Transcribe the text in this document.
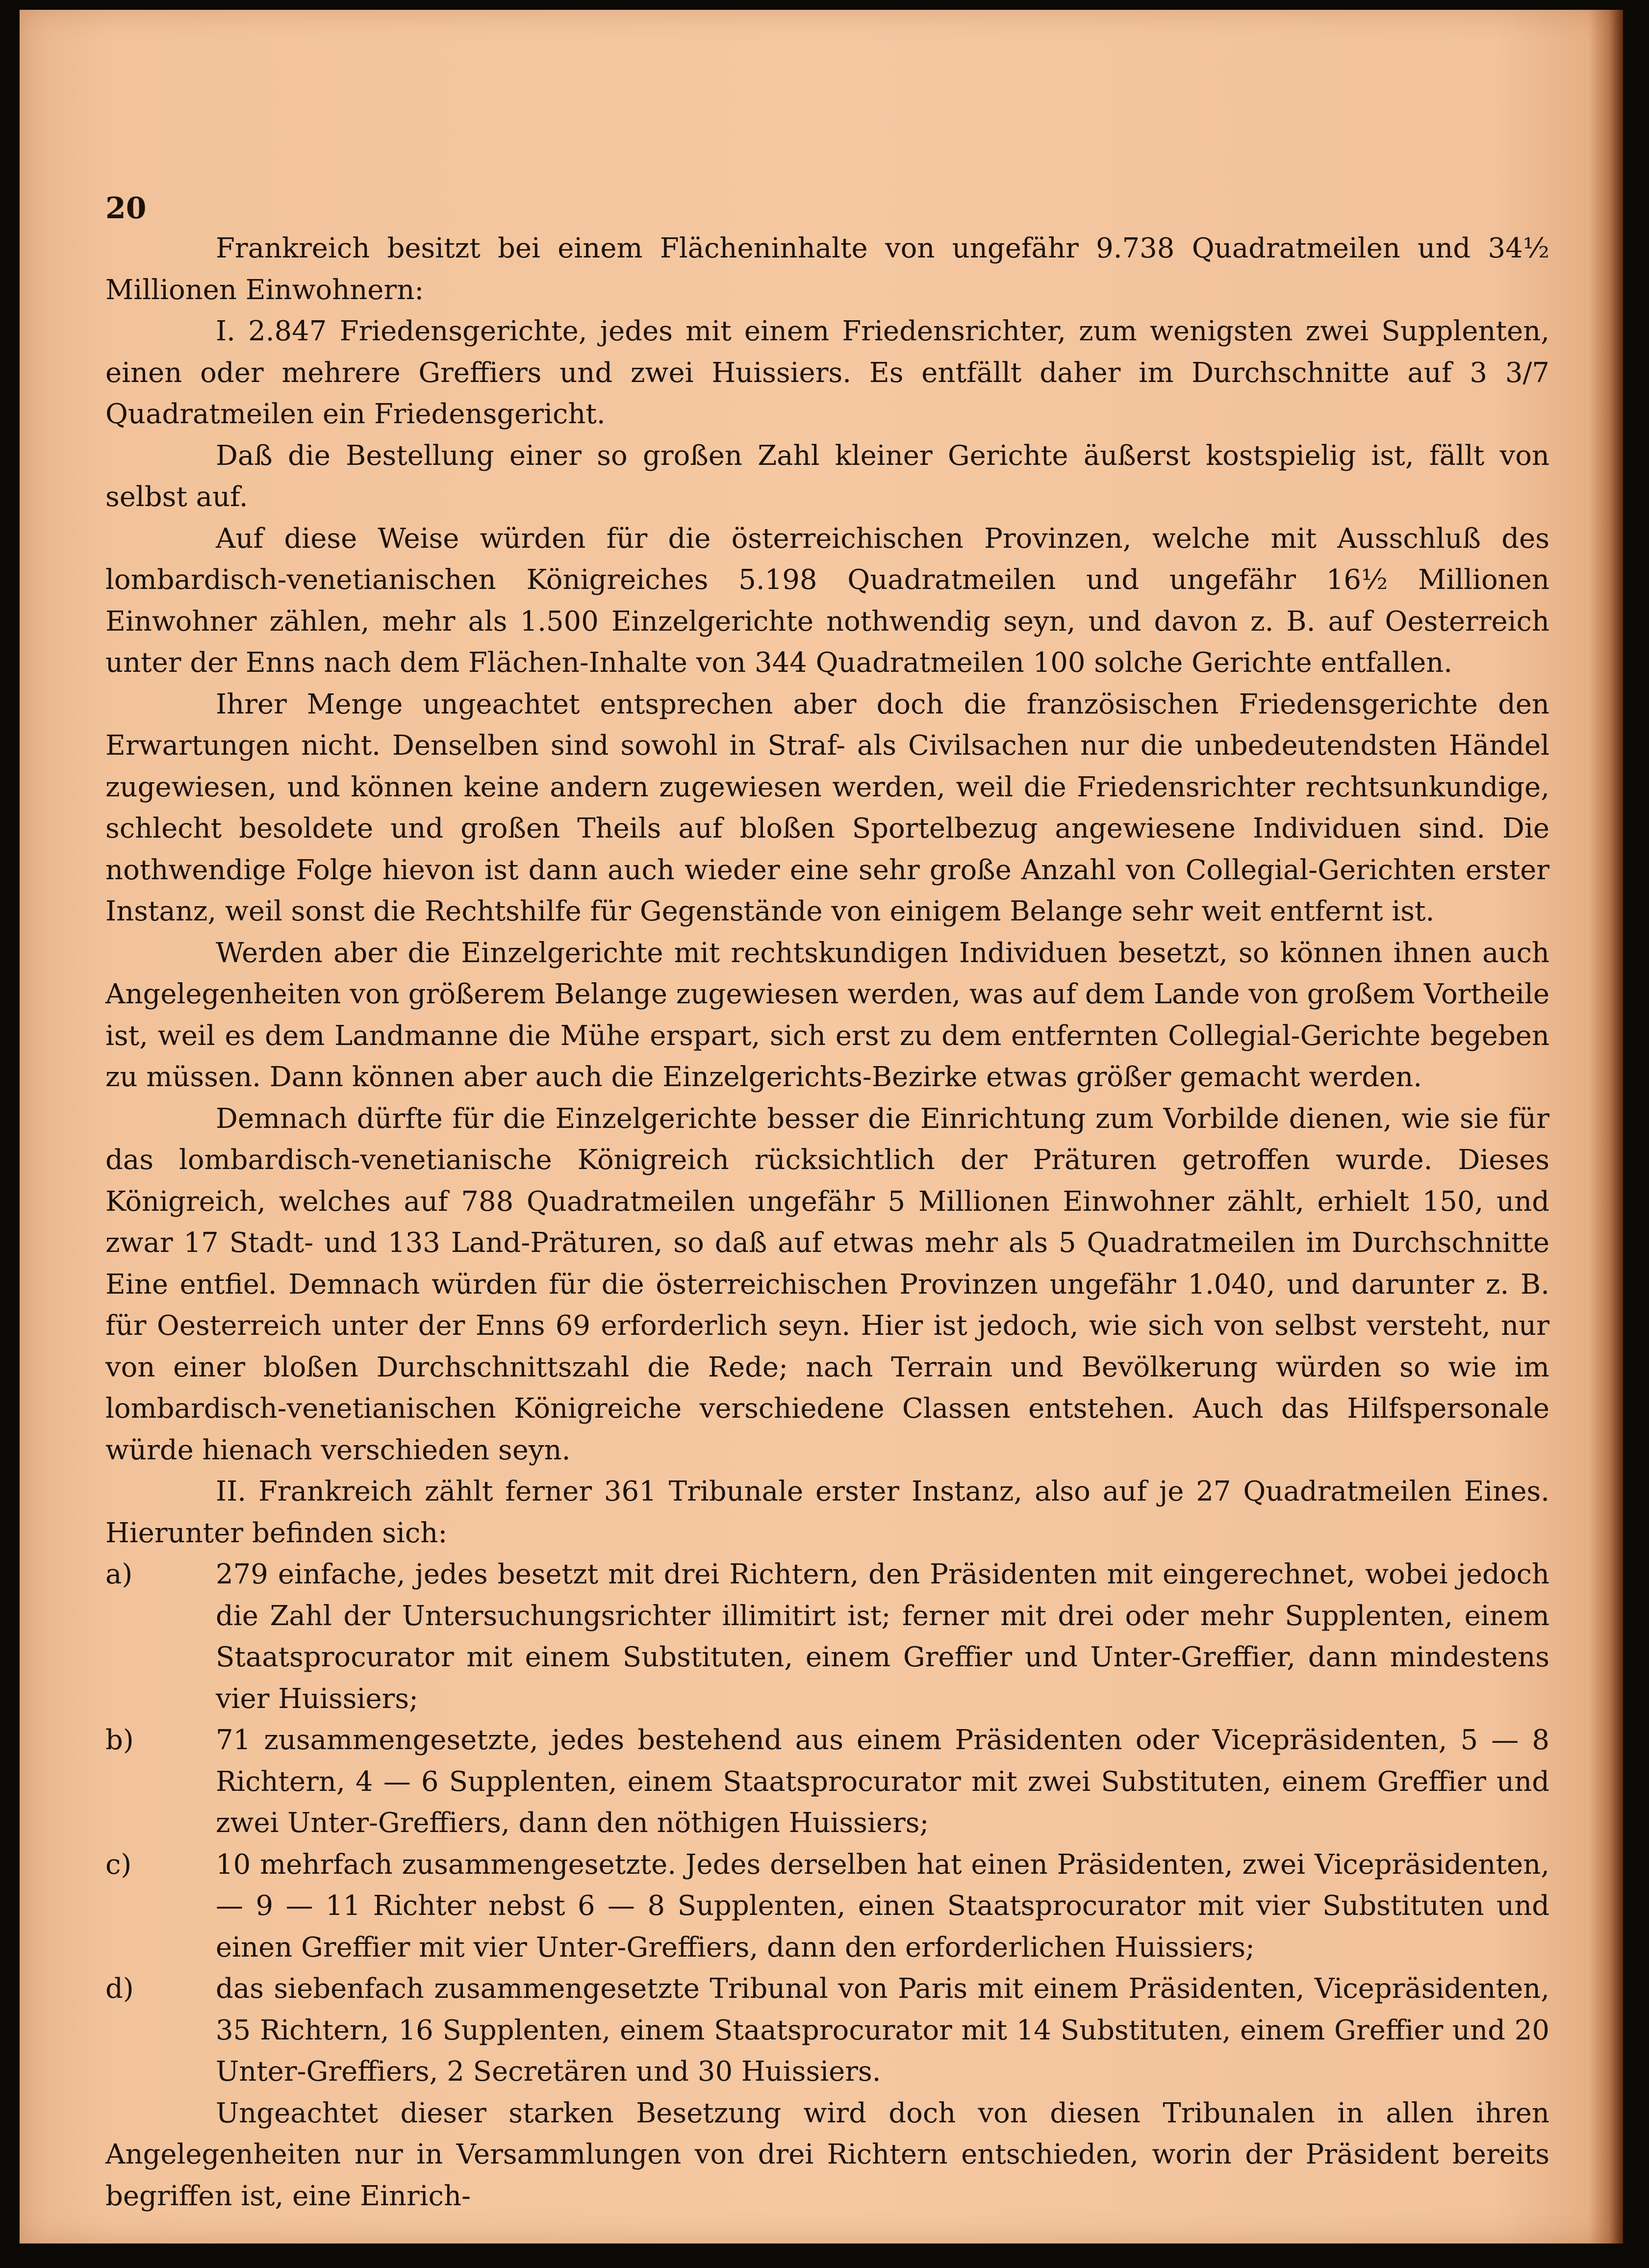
20

Frankreich besitzt bei einem Flächeninhalte von ungefähr 9.738 Quadratmeilen und 34½ Millionen Einwohnern:

I. 2.847 Friedensgerichte, jedes mit einem Friedensrichter, zum wenigsten zwei Supplenten, einen oder mehrere Greffiers und zwei Huissiers. Es entfällt daher im Durchschnitte auf 3 3/7 Quadratmeilen ein Friedensgericht.

Daß die Bestellung einer so großen Zahl kleiner Gerichte äußerst kostspielig ist, fällt von selbst auf.

Auf diese Weise würden für die österreichischen Provinzen, welche mit Ausschluß des lombardisch-venetianischen Königreiches 5.198 Quadratmeilen und ungefähr 16½ Millionen Einwohner zählen, mehr als 1.500 Einzelgerichte nothwendig seyn, und davon z. B. auf Oesterreich unter der Enns nach dem Flächen-Inhalte von 344 Quadratmeilen 100 solche Gerichte entfallen.

Ihrer Menge ungeachtet entsprechen aber doch die französischen Friedensgerichte den Erwartungen nicht. Denselben sind sowohl in Straf- als Civilsachen nur die unbedeutendsten Händel zugewiesen, und können keine andern zugewiesen werden, weil die Friedensrichter rechtsunkundige, schlecht besoldete und großen Theils auf bloßen Sportelbezug angewiesene Individuen sind. Die nothwendige Folge hievon ist dann auch wieder eine sehr große Anzahl von Collegial-Gerichten erster Instanz, weil sonst die Rechtshilfe für Gegenstände von einigem Belange sehr weit entfernt ist.

Werden aber die Einzelgerichte mit rechtskundigen Individuen besetzt, so können ihnen auch Angelegenheiten von größerem Belange zugewiesen werden, was auf dem Lande von großem Vortheile ist, weil es dem Landmanne die Mühe erspart, sich erst zu dem entfernten Collegial-Gerichte begeben zu müssen. Dann können aber auch die Einzelgerichts-Bezirke etwas größer gemacht werden.

Demnach dürfte für die Einzelgerichte besser die Einrichtung zum Vorbilde dienen, wie sie für das lombardisch-venetianische Königreich rücksichtlich der Präturen getroffen wurde. Dieses Königreich, welches auf 788 Quadratmeilen ungefähr 5 Millionen Einwohner zählt, erhielt 150, und zwar 17 Stadt- und 133 Land-Präturen, so daß auf etwas mehr als 5 Quadratmeilen im Durchschnitte Eine entfiel. Demnach würden für die österreichischen Provinzen ungefähr 1.040, und darunter z. B. für Oesterreich unter der Enns 69 erforderlich seyn. Hier ist jedoch, wie sich von selbst versteht, nur von einer bloßen Durchschnittszahl die Rede; nach Terrain und Bevölkerung würden so wie im lombardisch-venetianischen Königreiche verschiedene Classen entstehen. Auch das Hilfspersonale würde hienach verschieden seyn.

II. Frankreich zählt ferner 361 Tribunale erster Instanz, also auf je 27 Quadratmeilen Eines. Hierunter befinden sich:

a)	279 einfache, jedes besetzt mit drei Richtern, den Präsidenten mit eingerechnet, wobei jedoch die Zahl der Untersuchungsrichter illimitirt ist; ferner mit drei oder mehr Supplenten, einem Staatsprocurator mit einem Substituten, einem Greffier und Unter-Greffier, dann mindestens vier Huissiers;
b)	71 zusammengesetzte, jedes bestehend aus einem Präsidenten oder Vicepräsidenten, 5 — 8 Richtern, 4 — 6 Supplenten, einem Staatsprocurator mit zwei Substituten, einem Greffier und zwei Unter-Greffiers, dann den nöthigen Huissiers;
c)	10 mehrfach zusammengesetzte. Jedes derselben hat einen Präsidenten, zwei Vicepräsidenten, — 9 — 11 Richter nebst 6 — 8 Supplenten, einen Staatsprocurator mit vier Substituten und einen Greffier mit vier Unter-Greffiers, dann den erforderlichen Huissiers;
d)	das siebenfach zusammengesetzte Tribunal von Paris mit einem Präsidenten, Vicepräsidenten, 35 Richtern, 16 Supplenten, einem Staatsprocurator mit 14 Substituten, einem Greffier und 20 Unter-Greffiers, 2 Secretären und 30 Huissiers.

Ungeachtet dieser starken Besetzung wird doch von diesen Tribunalen in allen ihren Angelegenheiten nur in Versammlungen von drei Richtern entschieden, worin der Präsident bereits begriffen ist, eine Einrich-
